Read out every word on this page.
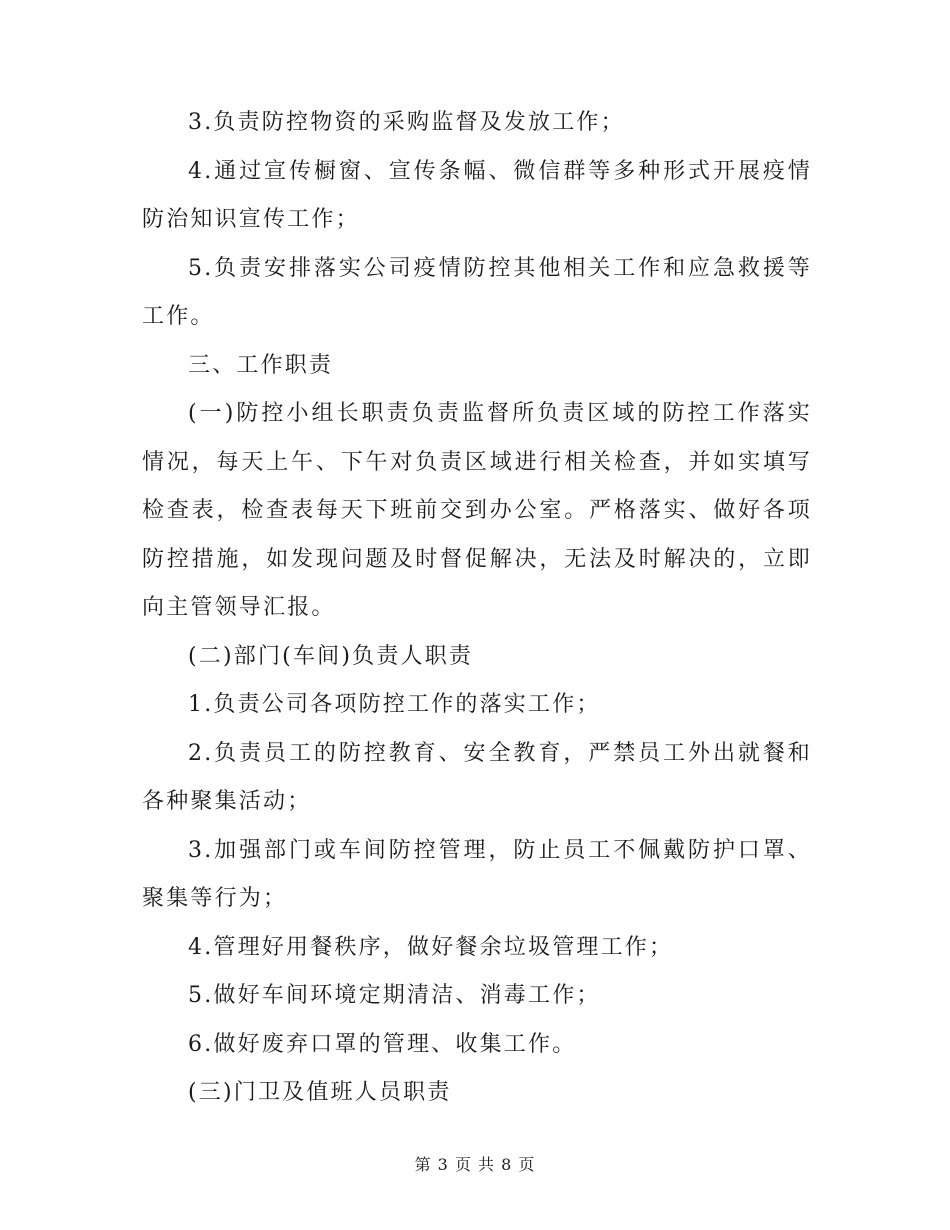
3.负责防控物资的采购监督及发放工作；

4.通过宣传橱窗、宣传条幅、微信群等多种形式开展疫情防治知识宣传工作；

5.负责安排落实公司疫情防控其他相关工作和应急救援等工作。

三、工作职责

(一)防控小组长职责负责监督所负责区域的防控工作落实情况，每天上午、下午对负责区域进行相关检查，并如实填写检查表，检查表每天下班前交到办公室。严格落实、做好各项防控措施，如发现问题及时督促解决，无法及时解决的，立即向主管领导汇报。

(二)部门(车间)负责人职责

1.负责公司各项防控工作的落实工作；

2.负责员工的防控教育、安全教育，严禁员工外出就餐和各种聚集活动；

3.加强部门或车间防控管理，防止员工不佩戴防护口罩、聚集等行为；

4.管理好用餐秩序，做好餐余垃圾管理工作；

5.做好车间环境定期清洁、消毒工作；

6.做好废弃口罩的管理、收集工作。

(三)门卫及值班人员职责

第 3 页 共 8 页
